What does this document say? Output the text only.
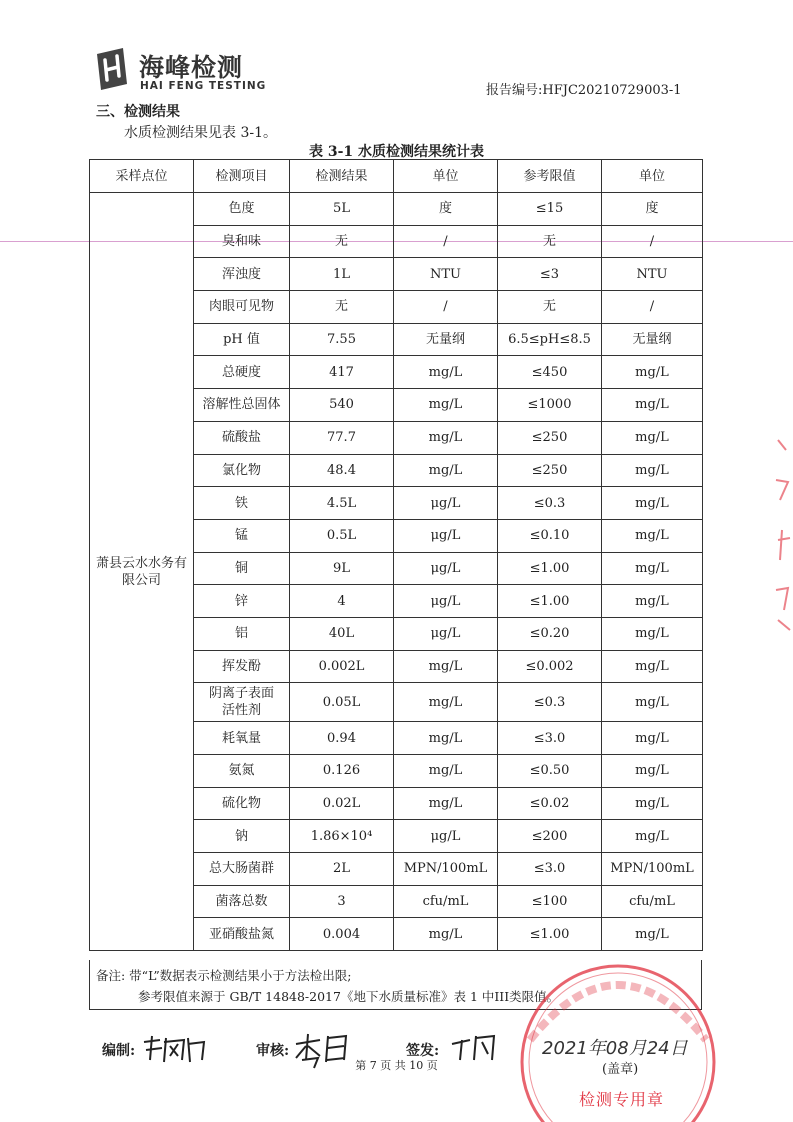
海峰检测
HAI FENG TESTING	报告编号:HFJC20210729003-1
三、检测结果
水质检测结果见表 3-1。
表 3-1 水质检测结果统计表
采样点位	检测项目	检测结果	单位	参考限值	单位
萧县云水水务有限公司	色度	5L	度	≤15	度
	臭和味	无	/	无	/
	浑浊度	1L	NTU	≤3	NTU
	肉眼可见物	无	/	无	/
	pH 值	7.55	无量纲	6.5≤pH≤8.5	无量纲
	总硬度	417	mg/L	≤450	mg/L
	溶解性总固体	540	mg/L	≤1000	mg/L
	硫酸盐	77.7	mg/L	≤250	mg/L
	氯化物	48.4	mg/L	≤250	mg/L
	铁	4.5L	μg/L	≤0.3	mg/L
	锰	0.5L	μg/L	≤0.10	mg/L
	铜	9L	μg/L	≤1.00	mg/L
	锌	4	μg/L	≤1.00	mg/L
	铝	40L	μg/L	≤0.20	mg/L
	挥发酚	0.002L	mg/L	≤0.002	mg/L
	阴离子表面活性剂	0.05L	mg/L	≤0.3	mg/L
	耗氧量	0.94	mg/L	≤3.0	mg/L
	氨氮	0.126	mg/L	≤0.50	mg/L
	硫化物	0.02L	mg/L	≤0.02	mg/L
	钠	1.86×10⁴	μg/L	≤200	mg/L
	总大肠菌群	2L	MPN/100mL	≤3.0	MPN/100mL
	菌落总数	3	cfu/mL	≤100	cfu/mL
	亚硝酸盐氮	0.004	mg/L	≤1.00	mg/L
备注: 带“L”数据表示检测结果小于方法检出限;
参考限值来源于 GB/T 14848-2017《地下水质量标准》表 1 中III类限值。
编制:	审核:	签发:
第 7 页 共 10 页
2021年08月24日
(盖章)
检测专用章
